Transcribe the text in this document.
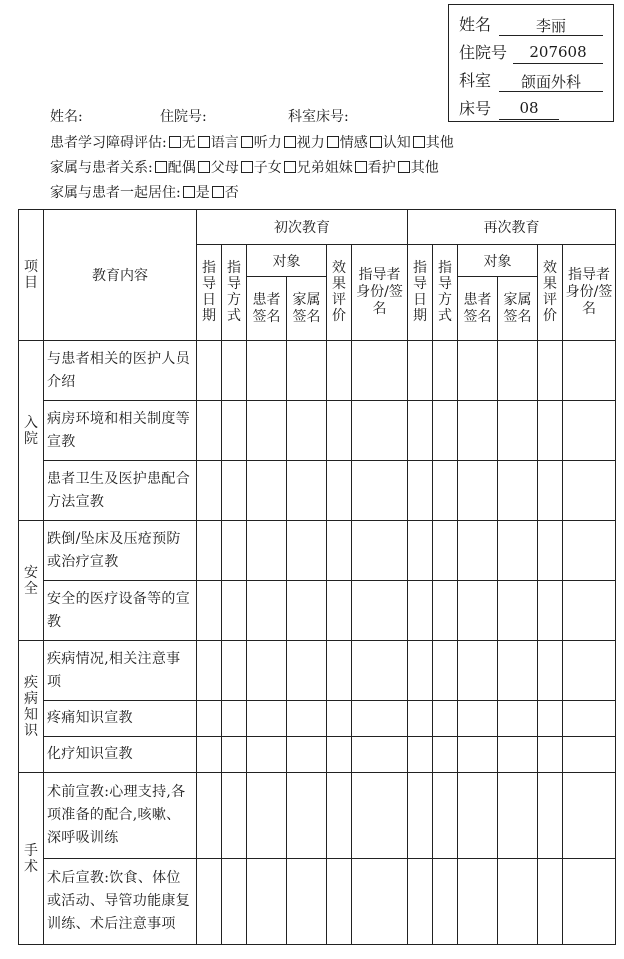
姓名	李丽
住院号	207608
科室	颌面外科
床号	08
姓名:	住院号:	科室床号:
患者学习障碍评估: 无 语言 听力 视力 情感 认知 其他
家属与患者关系: 配偶 父母 子女 兄弟姐妹 看护 其他
家属与患者一起居住: 是 否
项目	教育内容	初次教育						再次教育					
		指导日期	指导方式	对象		效果评价	指导者身份/签名	指导日期	指导方式	对象		效果评价	指导者身份/签名
				患者签名	家属签名					患者签名	家属签名		
入院	与患者相关的医护人员介绍												
	病房环境和相关制度等宣教												
	患者卫生及医护患配合方法宣教												
安全	跌倒/坠床及压疮预防或治疗宣教												
	安全的医疗设备等的宣教												
疾病知识	疾病情况,相关注意事项												
	疼痛知识宣教												
	化疗知识宣教												
手术	术前宣教:心理支持,各项准备的配合,咳嗽、深呼吸训练												
	术后宣教:饮食、体位或活动、导管功能康复训练、术后注意事项												
